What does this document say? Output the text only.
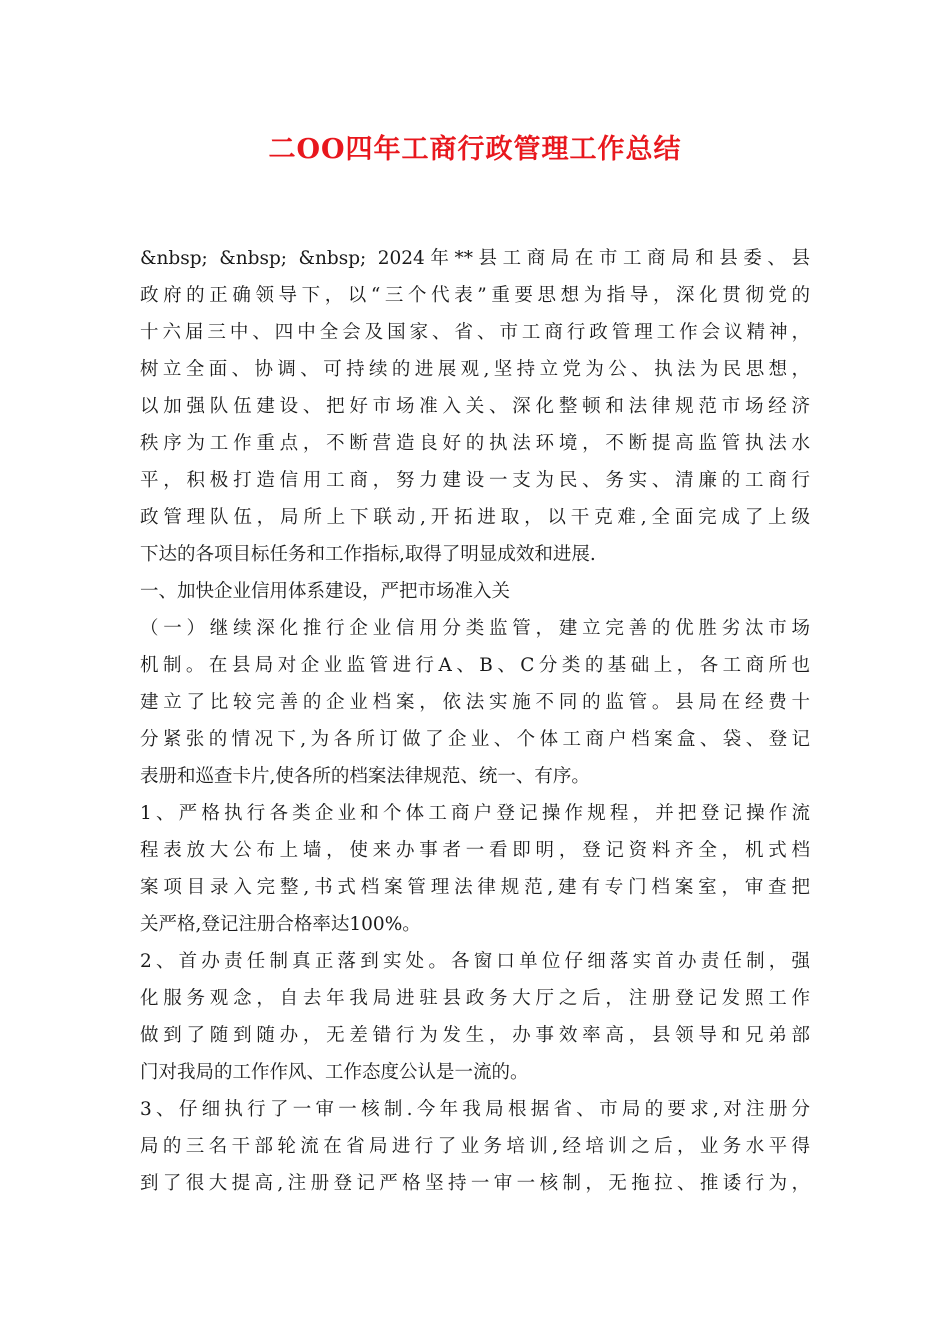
二OO四年工商行政管理工作总结
&nbsp; &nbsp; &nbsp; 2024年**县工商局在市工商局和县委、县
政府的正确领导下，以“三个代表”重要思想为指导，深化贯彻党的
十六届三中、四中全会及国家、省、市工商行政管理工作会议精神，
树立全面、协调、可持续的进展观,坚持立党为公、执法为民思想，
以加强队伍建设、把好市场准入关、深化整顿和法律规范市场经济
秩序为工作重点，不断营造良好的执法环境，不断提高监管执法水
平，积极打造信用工商，努力建设一支为民、务实、清廉的工商行
政管理队伍，局所上下联动,开拓进取，以干克难,全面完成了上级
下达的各项目标任务和工作指标,取得了明显成效和进展.
一、加快企业信用体系建设，严把市场准入关
（一）继续深化推行企业信用分类监管，建立完善的优胜劣汰市场
机制。在县局对企业监管进行A、B、C分类的基础上，各工商所也
建立了比较完善的企业档案，依法实施不同的监管。县局在经费十
分紧张的情况下,为各所订做了企业、个体工商户档案盒、袋、登记
表册和巡查卡片,使各所的档案法律规范、统一、有序。
1、严格执行各类企业和个体工商户登记操作规程，并把登记操作流
程表放大公布上墙，使来办事者一看即明，登记资料齐全，机式档
案项目录入完整,书式档案管理法律规范,建有专门档案室，审查把
关严格,登记注册合格率达100%。
2、首办责任制真正落到实处。各窗口单位仔细落实首办责任制，强
化服务观念，自去年我局进驻县政务大厅之后，注册登记发照工作
做到了随到随办，无差错行为发生，办事效率高，县领导和兄弟部
门对我局的工作作风、工作态度公认是一流的。
3、仔细执行了一审一核制.今年我局根据省、市局的要求,对注册分
局的三名干部轮流在省局进行了业务培训,经培训之后，业务水平得
到了很大提高,注册登记严格坚持一审一核制，无拖拉、推诿行为，
